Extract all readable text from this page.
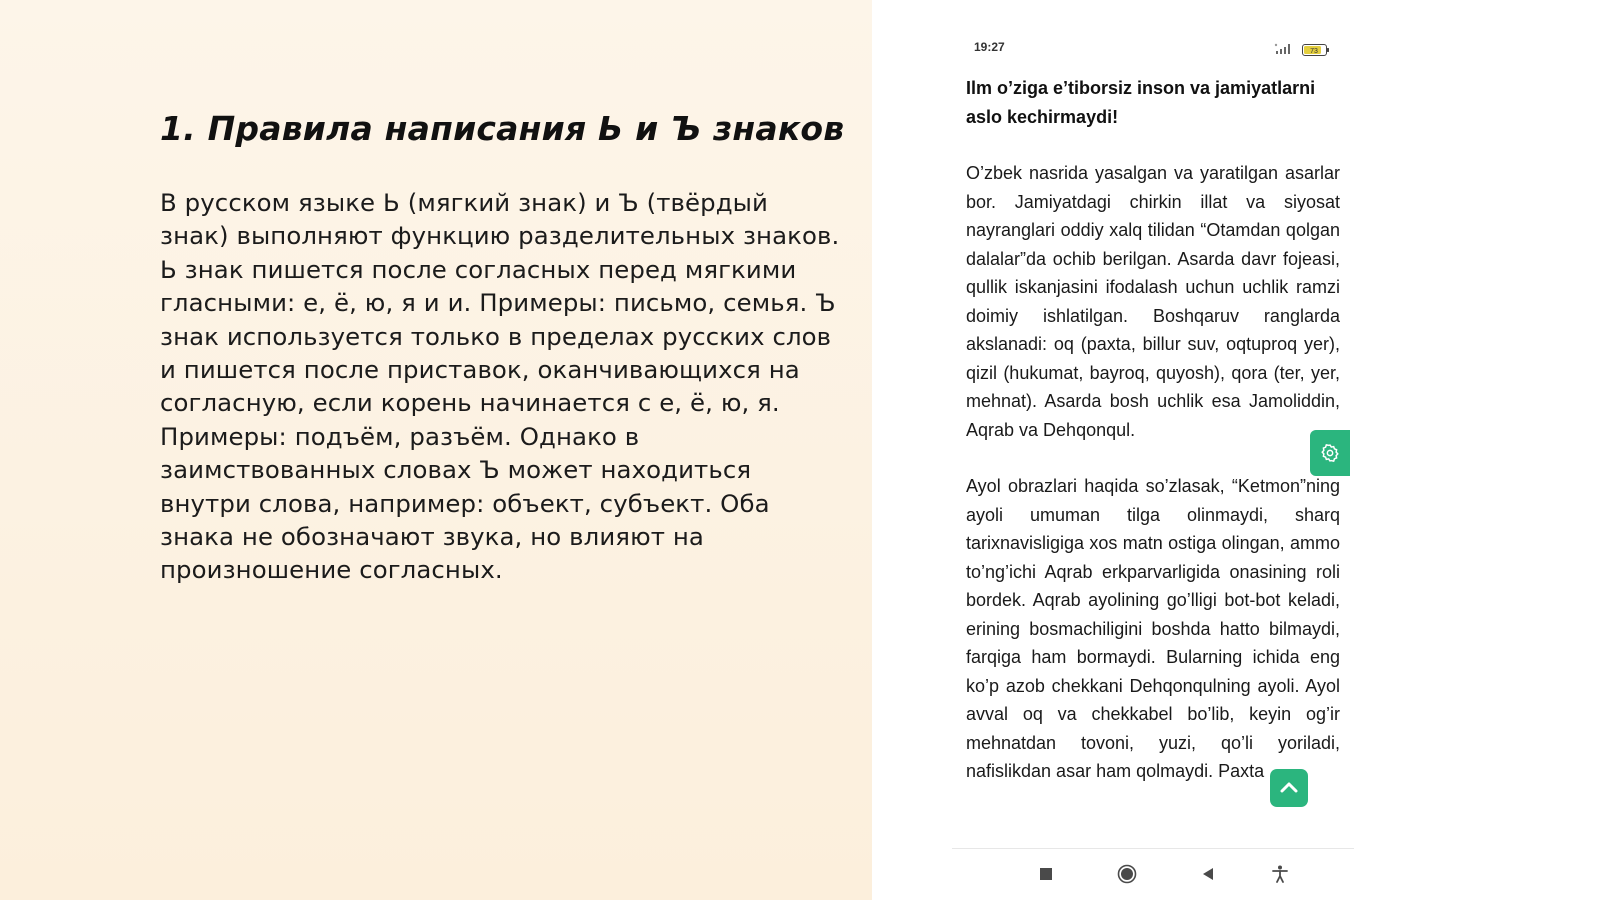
1. Правила написания Ь и Ъ знаков

В русском языке Ь (мягкий знак) и Ъ (твёрдый знак) выполняют функцию разделительных знаков. Ь знак пишется после согласных перед мягкими гласными: е, ё, ю, я и и. Примеры: письмо, семья. Ъ знак используется только в пределах русских слов и пишется после приставок, оканчивающихся на согласную, если корень начинается с е, ё, ю, я. Примеры: подъём, разъём. Однако в заимствованных словах Ъ может находиться внутри слова, например: объект, субъект. Оба знака не обозначают звука, но влияют на произношение согласных.

19:27	73
Ilm o’ziga e’tiborsiz inson va jamiyatlarni aslo kechirmaydi!

O’zbek nasrida yasalgan va yaratilgan asarlar bor. Jamiyatdagi chirkin illat va siyosat nayranglari oddiy xalq tilidan “Otamdan qolgan dalalar”da ochib berilgan. Asarda davr fojeasi, qullik iskanjasini ifodalash uchun uchlik ramzi doimiy ishlatilgan. Boshqaruv ranglarda akslanadi: oq (paxta, billur suv, oqtuproq yer), qizil (hukumat, bayroq, quyosh), qora (ter, yer, mehnat). Asarda bosh uchlik esa Jamoliddin, Aqrab va Dehqonqul.

Ayol obrazlari haqida so’zlasak, “Ketmon”ning ayoli umuman tilga olinmaydi, sharq tarixnavisligiga xos matn ostiga olingan, ammo to’ng’ichi Aqrab erkparvarligida onasining roli bordek. Aqrab ayolining go’lligi bot-bot keladi, erining bosmachiligini boshda hatto bilmaydi, farqiga ham bormaydi. Bularning ichida eng ko’p azob chekkani Dehqonqulning ayoli. Ayol avval oq va chekkabel bo’lib, keyin og’ir mehnatdan tovoni, yuzi, qo’li yoriladi, nafislikdan asar ham qolmaydi. Paxta
